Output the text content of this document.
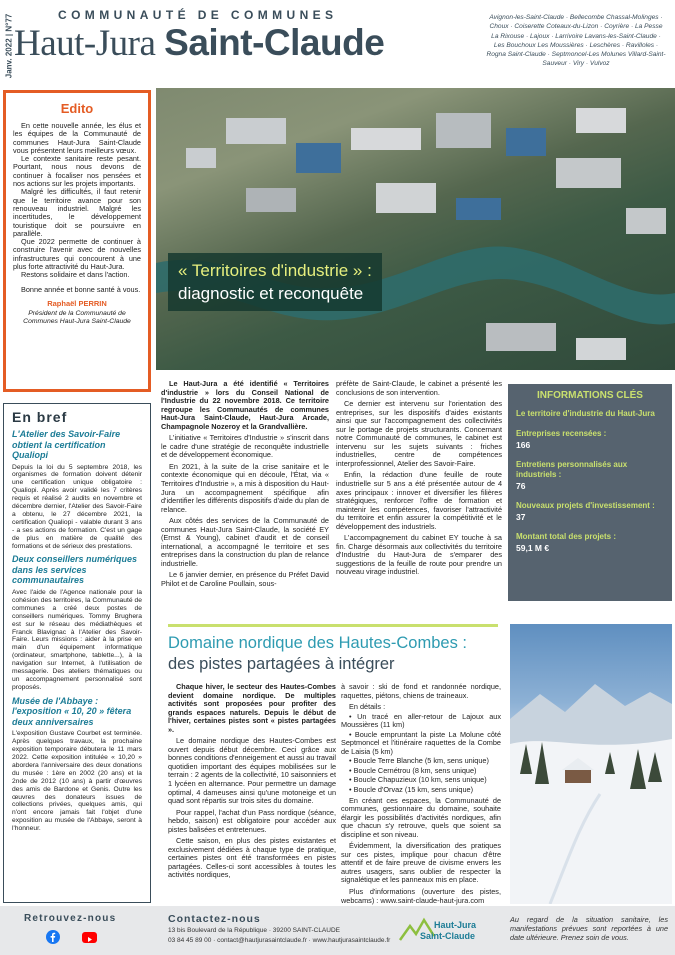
Janv. 2022 | N°77	COMMUNAUTÉ DE COMMUNES
Haut-Jura Saint-Claude
Avignon-les-Saint-Claude · Bellecombe Chassal-Molinges · Choux · Coiserette Coteaux-du-Lizon · Coyrière · La Pesse La Rixouse · Lajoux · Larrivoire Lavans-les-Saint-Claude · Les Bouchoux Les Moussières · Leschères · Ravilloles · Rogna Saint-Claude · Septmoncel-Les Molunes Villard-Saint-Sauveur · Viry · Vulvoz
Edito

En cette nouvelle année, les élus et les équipes de la Communauté de communes Haut-Jura Saint-Claude vous présentent leurs meilleurs vœux.

Le contexte sanitaire reste pesant. Pourtant, nous nous devons de continuer à focaliser nos pensées et nos actions sur les projets importants.

Malgré les difficultés, il faut retenir que le territoire avance pour son renouveau industriel. Malgré les incertitudes, le développement touristique doit se poursuivre en parallèle.

Que 2022 permette de continuer à construire l'avenir avec de nouvelles infrastructures qui concourent à une plus forte attractivité du Haut-Jura.

Restons solidaire et dans l'action.

Bonne année et bonne santé à vous.

Raphaël PERRIN
Président de la Communauté de Communes Haut-Jura Saint-Claude
« Territoires d'industrie » :
diagnostic et reconquête

Le Haut-Jura a été identifié « Territoires d'industrie » lors du Conseil National de l'Industrie du 22 novembre 2018. Ce territoire regroupe les Communautés de communes Haut-Jura Saint-Claude, Haut-Jura Arcade, Champagnole Nozeroy et la Grandvallière.

L'initiative « Territoires d'Industrie » s'inscrit dans le cadre d'une stratégie de reconquête industrielle et de développement économique.

En 2021, à la suite de la crise sanitaire et le contexte économique qui en découle, l'État, via « Territoires d'Industrie », a mis à disposition du Haut-Jura un accompagnement spécifique afin d'identifier les différents dispositifs d'aide du plan de relance.

Aux côtés des services de la Communauté de communes Haut-Jura Saint-Claude, la société EY (Ernst & Young), cabinet d'audit et de conseil international, a accompagné le territoire et ses entreprises dans la construction du plan de relance industrielle.

Le 6 janvier dernier, en présence du Préfet David Philot et de Caroline Poullain, sous-

préfète de Saint-Claude, le cabinet a présenté les conclusions de son intervention.

Ce dernier est intervenu sur l'orientation des entreprises, sur les dispositifs d'aides existants ainsi que sur l'accompagnement des collectivités sur le portage de projets structurants. Concernant notre Communauté de communes, le cabinet est intervenu sur les sujets suivants : friches industrielles, centre de compétences interprofessionnel, Atelier des Savoir-Faire.

Enfin, la rédaction d'une feuille de route industrielle sur 5 ans a été présentée autour de 4 axes principaux : innover et diversifier les filières stratégiques, renforcer l'offre de formation et maintenir les compétences, favoriser l'attractivité du territoire et enfin assurer la compétitivité et le développement des industriels.

L'accompagnement du cabinet EY touche à sa fin. Charge désormais aux collectivités du territoire d'Industrie du Haut-Jura de s'emparer des suggestions de la feuille de route pour prendre un nouveau virage industriel.

INFORMATIONS CLÉS
Le territoire d'industrie du Haut-Jura
Entreprises recensées :
166
Entretiens personnalisés aux industriels :
76
Nouveaux projets d'investissement :
37
Montant total des projets :
59,1 M €
En bref
L'Atelier des Savoir-Faire obtient la certification Qualiopi

Depuis la loi du 5 septembre 2018, les organismes de formation doivent détenir une certification unique obligatoire : Qualiopi. Après avoir validé les 7 critères requis et réalisé 2 audits en novembre et décembre dernier, l'Atelier des Savoir-Faire a obtenu, le 27 décembre 2021, la certification Qualiopi - valable durant 3 ans - a ses actions de formation. C'est un gage de plus en matière de qualité des formations et de sérieux des prestations.

Deux conseillers numériques dans les services communautaires

Avec l'aide de l'Agence nationale pour la cohésion des territoires, la Communauté de communes a créé deux postes de conseillers numériques. Tommy Brughera est sur le réseau des médiathèques et Franck Blavignac à l'Atelier des Savoir-Faire. Leurs missions : aider à la prise en main d'un équipement informatique (ordinateur, smartphone, tablette...), à la navigation sur Internet, à l'utilisation de messagerie. Des ateliers thématiques ou un accompagnement personnalisé sont proposés.

Musée de l'Abbaye : l'exposition « 10, 20 » fêtera deux anniversaires

L'exposition Gustave Courbet est terminée. Après quelques travaux, la prochaine exposition temporaire débutera le 11 mars 2022. Cette exposition intitulée « 10,20 » abordera l'anniversaire des deux donations du musée : 1ère en 2002 (20 ans) et la 2nde de 2012 (10 ans) à partir d'œuvres des amis de Bardone et Genis. Outre les œuvres des donateurs issues de collections privées, quelques amis, qui n'ont encore jamais fait l'objet d'une exposition au musée de l'Abbaye, seront à l'honneur.

Domaine nordique des Hautes-Combes :
des pistes partagées à intégrer

Chaque hiver, le secteur des Hautes-Combes devient domaine nordique. De multiples activités sont proposées pour profiter des grands espaces naturels. Depuis le début de l'hiver, certaines pistes sont « pistes partagées ».

Le domaine nordique des Hautes-Combes est ouvert depuis début décembre. Ceci grâce aux bonnes conditions d'enneigement et aussi au travail quotidien important des équipes mobilisées sur le terrain : 2 agents de la collectivité, 10 saisonniers et 1 lycéen en alternance. Pour permettre un damage optimal, 4 dameuses ainsi qu'une motoneige et un quad sont répartis sur trois sites du domaine.

Pour rappel, l'achat d'un Pass nordique (séance, hebdo, saison) est obligatoire pour accéder aux pistes balisées et entretenues.

Cette saison, en plus des pistes existantes et exclusivement dédiées à chaque type de pratique, certaines pistes ont été transformées en pistes partagées. Celles-ci sont accessibles à toutes les activités nordiques,

à savoir : ski de fond et randonnée nordique, raquettes, piétons, chiens de traineaux.

En détails :

• Un tracé en aller-retour de Lajoux aux Moussières (11 km)

• Boucle empruntant la piste La Molune côté Septmoncel et l'itinéraire raquettes de la Combe de Laisia (5 km)

• Boucle Terre Blanche (5 km, sens unique)

• Boucle Cernétrou (8 km, sens unique)

• Boucle Chapuzieux (10 km, sens unique)

• Boucle d'Orvaz (15 km, sens unique)

En créant ces espaces, la Communauté de communes, gestionnaire du domaine, souhaite élargir les possibilités d'activités nordiques, afin que chacun s'y retrouve, quels que soient sa discipline et son niveau.

Évidemment, la diversification des pratiques sur ces pistes, implique pour chacun d'être attentif et de faire preuve de civisme envers les autres usagers, sans oublier de respecter la signalétique et les panneaux mis en place.

Plus d'informations (ouverture des pistes, webcams) : www.saint-claude-haut-jura.com

Retrouvez-nous	Contactez-nous
13 bis Boulevard de la République · 39200 SAINT-CLAUDE
03 84 45 89 00 · contact@hautjurasaintclaude.fr · www.hautjurasaintclaude.fr
Haut-Jura
Saint-Claude
Au regard de la situation sanitaire, les manifestations prévues sont reportées à une date ultérieure. Prenez soin de vous.
